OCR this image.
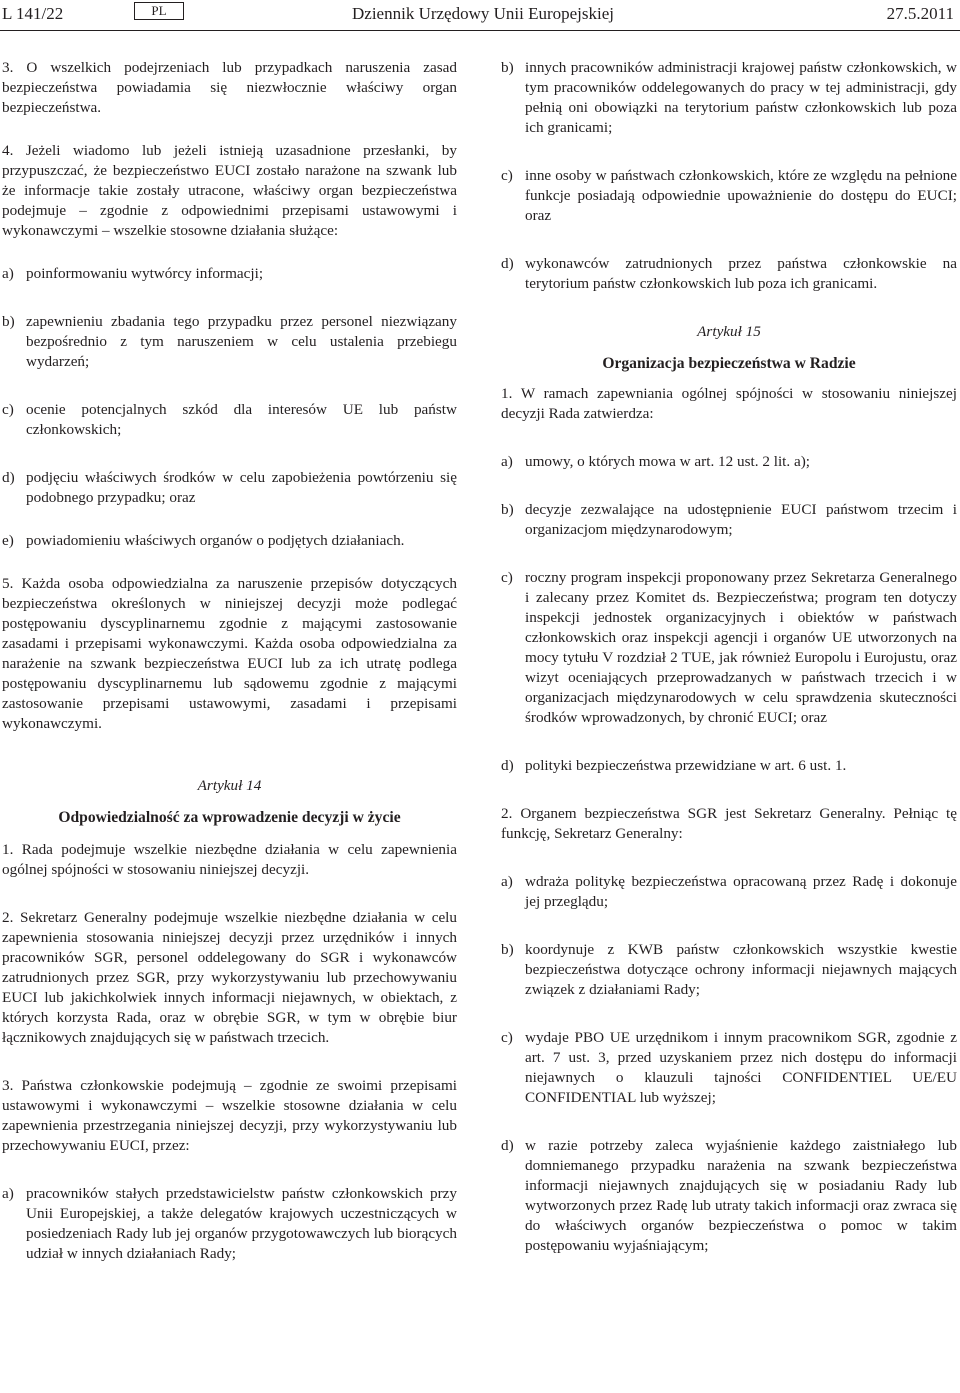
L 141/22	PL	Dziennik Urzędowy Unii Europejskiej	27.5.2011

3. O wszelkich podejrzeniach lub przypadkach naruszenia zasad bezpieczeństwa powiadamia się niezwłocznie właściwy organ bezpieczeństwa.

4. Jeżeli wiadomo lub jeżeli istnieją uzasadnione przesłanki, by przypuszczać, że bezpieczeństwo EUCI zostało narażone na szwank lub że informacje takie zostały utracone, właściwy organ bezpieczeństwa podejmuje – zgodnie z odpowiednimi przepisami ustawowymi i wykonawczymi – wszelkie stosowne działania służące:

a) poinformowaniu wytwórcy informacji;
b) zapewnieniu zbadania tego przypadku przez personel niezwiązany bezpośrednio z tym naruszeniem w celu ustalenia przebiegu wydarzeń;
c) ocenie potencjalnych szkód dla interesów UE lub państw członkowskich;
d) podjęciu właściwych środków w celu zapobieżenia powtórzeniu się podobnego przypadku; oraz
e) powiadomieniu właściwych organów o podjętych działaniach.

5. Każda osoba odpowiedzialna za naruszenie przepisów dotyczących bezpieczeństwa określonych w niniejszej decyzji może podlegać postępowaniu dyscyplinarnemu zgodnie z mającymi zastosowanie zasadami i przepisami wykonawczymi. Każda osoba odpowiedzialna za narażenie na szwank bezpieczeństwa EUCI lub za ich utratę podlega postępowaniu dyscyplinarnemu lub sądowemu zgodnie z mającymi zastosowanie przepisami ustawowymi, zasadami i przepisami wykonawczymi.

Artykuł 14

Odpowiedzialność za wprowadzenie decyzji w życie

1. Rada podejmuje wszelkie niezbędne działania w celu zapewnienia ogólnej spójności w stosowaniu niniejszej decyzji.

2. Sekretarz Generalny podejmuje wszelkie niezbędne działania w celu zapewnienia stosowania niniejszej decyzji przez urzędników i innych pracowników SGR, personel oddelegowany do SGR i wykonawców zatrudnionych przez SGR, przy wykorzystywaniu lub przechowywaniu EUCI lub jakichkolwiek innych informacji niejawnych, w obiektach, z których korzysta Rada, oraz w obrębie SGR, w tym w obrębie biur łącznikowych znajdujących się w państwach trzecich.

3. Państwa członkowskie podejmują – zgodnie ze swoimi przepisami ustawowymi i wykonawczymi – wszelkie stosowne działania w celu zapewnienia przestrzegania niniejszej decyzji, przy wykorzystywaniu lub przechowywaniu EUCI, przez:

a) pracowników stałych przedstawicielstw państw członkowskich przy Unii Europejskiej, a także delegatów krajowych uczestniczących w posiedzeniach Rady lub jej organów przygotowawczych lub biorących udział w innych działaniach Rady;
b) innych pracowników administracji krajowej państw członkowskich, w tym pracowników oddelegowanych do pracy w tej administracji, gdy pełnią oni obowiązki na terytorium państw członkowskich lub poza ich granicami;
c) inne osoby w państwach członkowskich, które ze względu na pełnione funkcje posiadają odpowiednie upoważnienie do dostępu do EUCI; oraz
d) wykonawców zatrudnionych przez państwa członkowskie na terytorium państw członkowskich lub poza ich granicami.

Artykuł 15

Organizacja bezpieczeństwa w Radzie

1. W ramach zapewniania ogólnej spójności w stosowaniu niniejszej decyzji Rada zatwierdza:

a) umowy, o których mowa w art. 12 ust. 2 lit. a);
b) decyzje zezwalające na udostępnienie EUCI państwom trzecim i organizacjom międzynarodowym;
c) roczny program inspekcji proponowany przez Sekretarza Generalnego i zalecany przez Komitet ds. Bezpieczeństwa; program ten dotyczy inspekcji jednostek organizacyjnych i obiektów w państwach członkowskich oraz inspekcji agencji i organów UE utworzonych na mocy tytułu V rozdział 2 TUE, jak również Europolu i Eurojustu, oraz wizyt oceniających przeprowadzanych w państwach trzecich i w organizacjach międzynarodowych w celu sprawdzenia skuteczności środków wprowadzonych, by chronić EUCI; oraz
d) polityki bezpieczeństwa przewidziane w art. 6 ust. 1.

2. Organem bezpieczeństwa SGR jest Sekretarz Generalny. Pełniąc tę funkcję, Sekretarz Generalny:

a) wdraża politykę bezpieczeństwa opracowaną przez Radę i dokonuje jej przeglądu;
b) koordynuje z KWB państw członkowskich wszystkie kwestie bezpieczeństwa dotyczące ochrony informacji niejawnych mających związek z działaniami Rady;
c) wydaje PBO UE urzędnikom i innym pracownikom SGR, zgodnie z art. 7 ust. 3, przed uzyskaniem przez nich dostępu do informacji niejawnych o klauzuli tajności CONFIDENTIEL UE/EU CONFIDENTIAL lub wyższej;
d) w razie potrzeby zaleca wyjaśnienie każdego zaistniałego lub domniemanego przypadku narażenia na szwank bezpieczeństwa informacji niejawnych znajdujących się w posiadaniu Rady lub wytworzonych przez Radę lub utraty takich informacji oraz zwraca się do właściwych organów bezpieczeństwa o pomoc w takim postępowaniu wyjaśniającym;
